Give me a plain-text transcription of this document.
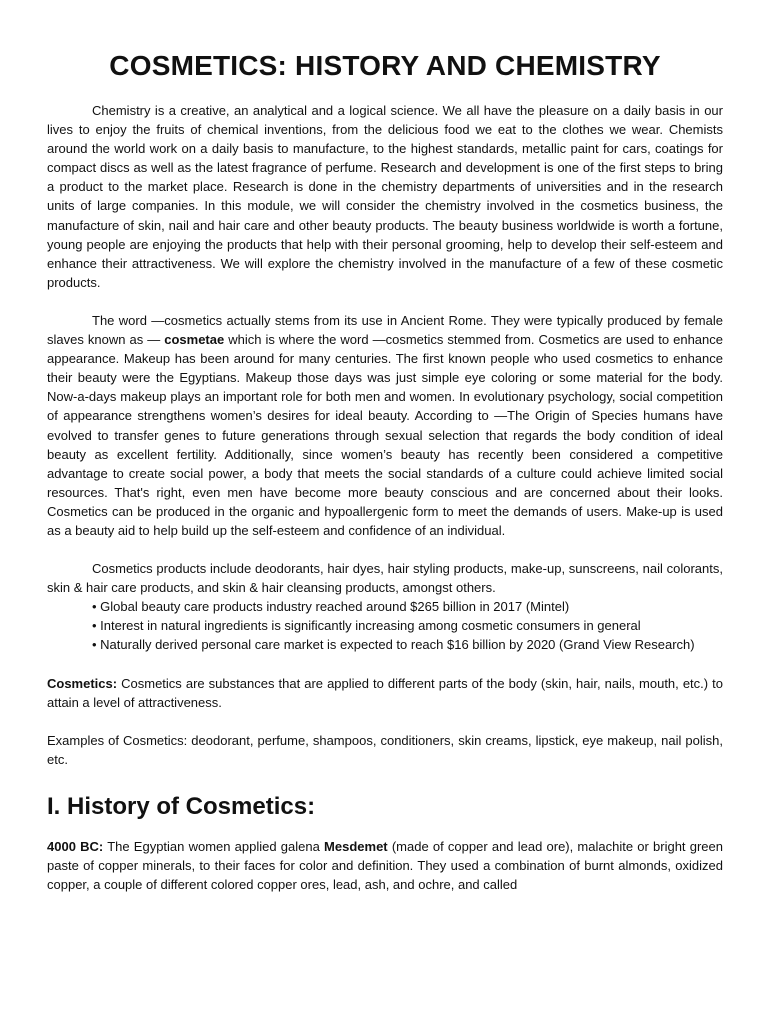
COSMETICS: HISTORY AND CHEMISTRY

Chemistry is a creative, an analytical and a logical science. We all have the pleasure on a daily basis in our lives to enjoy the fruits of chemical inventions, from the delicious food we eat to the clothes we wear. Chemists around the world work on a daily basis to manufacture, to the highest standards, metallic paint for cars, coatings for compact discs as well as the latest fragrance of perfume. Research and development is one of the first steps to bring a product to the market place. Research is done in the chemistry departments of universities and in the research units of large companies. In this module, we will consider the chemistry involved in the cosmetics business, the manufacture of skin, nail and hair care and other beauty products. The beauty business worldwide is worth a fortune, young people are enjoying the products that help with their personal grooming, help to develop their self-esteem and enhance their attractiveness. We will explore the chemistry involved in the manufacture of a few of these cosmetic products.

The word —cosmetics actually stems from its use in Ancient Rome. They were typically produced by female slaves known as — cosmetae which is where the word —cosmetics stemmed from. Cosmetics are used to enhance appearance. Makeup has been around for many centuries. The first known people who used cosmetics to enhance their beauty were the Egyptians. Makeup those days was just simple eye coloring or some material for the body. Now-a-days makeup plays an important role for both men and women. In evolutionary psychology, social competition of appearance strengthens women’s desires for ideal beauty. According to —The Origin of Species humans have evolved to transfer genes to future generations through sexual selection that regards the body condition of ideal beauty as excellent fertility. Additionally, since women’s beauty has recently been considered a competitive advantage to create social power, a body that meets the social standards of a culture could achieve limited social resources. That's right, even men have become more beauty conscious and are concerned about their looks. Cosmetics can be produced in the organic and hypoallergenic form to meet the demands of users. Make-up is used as a beauty aid to help build up the self-esteem and confidence of an individual.

Cosmetics products include deodorants, hair dyes, hair styling products, make-up, sunscreens, nail colorants, skin & hair care products, and skin & hair cleansing products, amongst others.

• Global beauty care products industry reached around $265 billion in 2017 (Mintel)

• Interest in natural ingredients is significantly increasing among cosmetic consumers in general

• Naturally derived personal care market is expected to reach $16 billion by 2020 (Grand View Research)

Cosmetics: Cosmetics are substances that are applied to different parts of the body (skin, hair, nails, mouth, etc.) to attain a level of attractiveness.

Examples of Cosmetics: deodorant, perfume, shampoos, conditioners, skin creams, lipstick, eye makeup, nail polish, etc.

I. History of Cosmetics:

4000 BC: The Egyptian women applied galena Mesdemet (made of copper and lead ore), malachite or bright green paste of copper minerals, to their faces for color and definition. They used a combination of burnt almonds, oxidized copper, a couple of different colored copper ores, lead, ash, and ochre, and called
